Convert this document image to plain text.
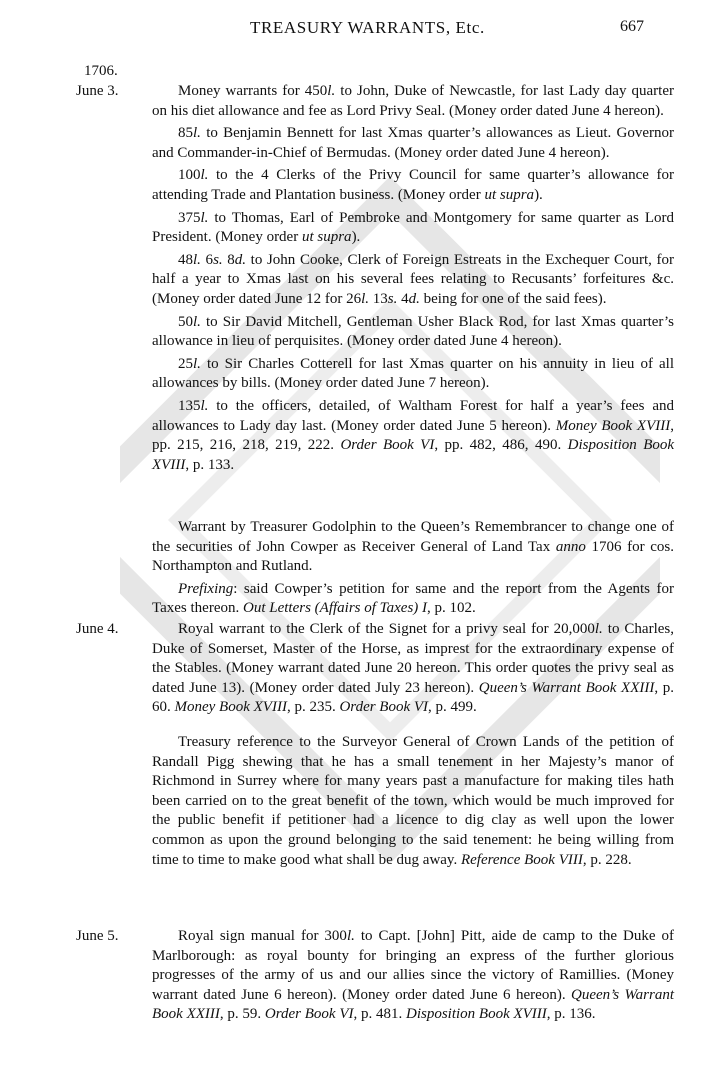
TREASURY WARRANTS, Etc.	667
1706.
June 3.	Money warrants for 450l. to John, Duke of Newcastle, for last Lady day quarter on his diet allowance and fee as Lord Privy Seal. (Money order dated June 4 hereon).

85l. to Benjamin Bennett for last Xmas quarter’s allowances as Lieut. Governor and Commander-in-Chief of Bermudas. (Money order dated June 4 hereon).

100l. to the 4 Clerks of the Privy Council for same quarter’s allowance for attending Trade and Plantation business. (Money order ut supra).

375l. to Thomas, Earl of Pembroke and Montgomery for same quarter as Lord President. (Money order ut supra).

48l. 6s. 8d. to John Cooke, Clerk of Foreign Estreats in the Exchequer Court, for half a year to Xmas last on his several fees relating to Recusants’ forfeitures &c. (Money order dated June 12 for 26l. 13s. 4d. being for one of the said fees).

50l. to Sir David Mitchell, Gentleman Usher Black Rod, for last Xmas quarter’s allowance in lieu of perquisites. (Money order dated June 4 hereon).

25l. to Sir Charles Cotterell for last Xmas quarter on his annuity in lieu of all allowances by bills. (Money order dated June 7 hereon).

135l. to the officers, detailed, of Waltham Forest for half a year’s fees and allowances to Lady day last. (Money order dated June 5 hereon). Money Book XVIII, pp. 215, 216, 218, 219, 222. Order Book VI, pp. 482, 486, 490. Disposition Book XVIII, p. 133.

Warrant by Treasurer Godolphin to the Queen’s Remembrancer to change one of the securities of John Cowper as Receiver General of Land Tax anno 1706 for cos. Northampton and Rutland.

Prefixing: said Cowper’s petition for same and the report from the Agents for Taxes thereon. Out Letters (Affairs of Taxes) I, p. 102.

June 4.	Royal warrant to the Clerk of the Signet for a privy seal for 20,000l. to Charles, Duke of Somerset, Master of the Horse, as imprest for the extraordinary expense of the Stables. (Money warrant dated June 20 hereon. This order quotes the privy seal as dated June 13). (Money order dated July 23 hereon). Queen’s Warrant Book XXIII, p. 60. Money Book XVIII, p. 235. Order Book VI, p. 499.

Treasury reference to the Surveyor General of Crown Lands of the petition of Randall Pigg shewing that he has a small tenement in her Majesty’s manor of Richmond in Surrey where for many years past a manufacture for making tiles hath been carried on to the great benefit of the town, which would be much improved for the public benefit if petitioner had a licence to dig clay as well upon the lower common as upon the ground belonging to the said tenement: he being willing from time to time to make good what shall be dug away. Reference Book VIII, p. 228.

June 5.	Royal sign manual for 300l. to Capt. [John] Pitt, aide de camp to the Duke of Marlborough: as royal bounty for bringing an express of the further glorious progresses of the army of us and our allies since the victory of Ramillies. (Money warrant dated June 6 hereon). (Money order dated June 6 hereon). Queen’s Warrant Book XXIII, p. 59. Order Book VI, p. 481. Disposition Book XVIII, p. 136.
